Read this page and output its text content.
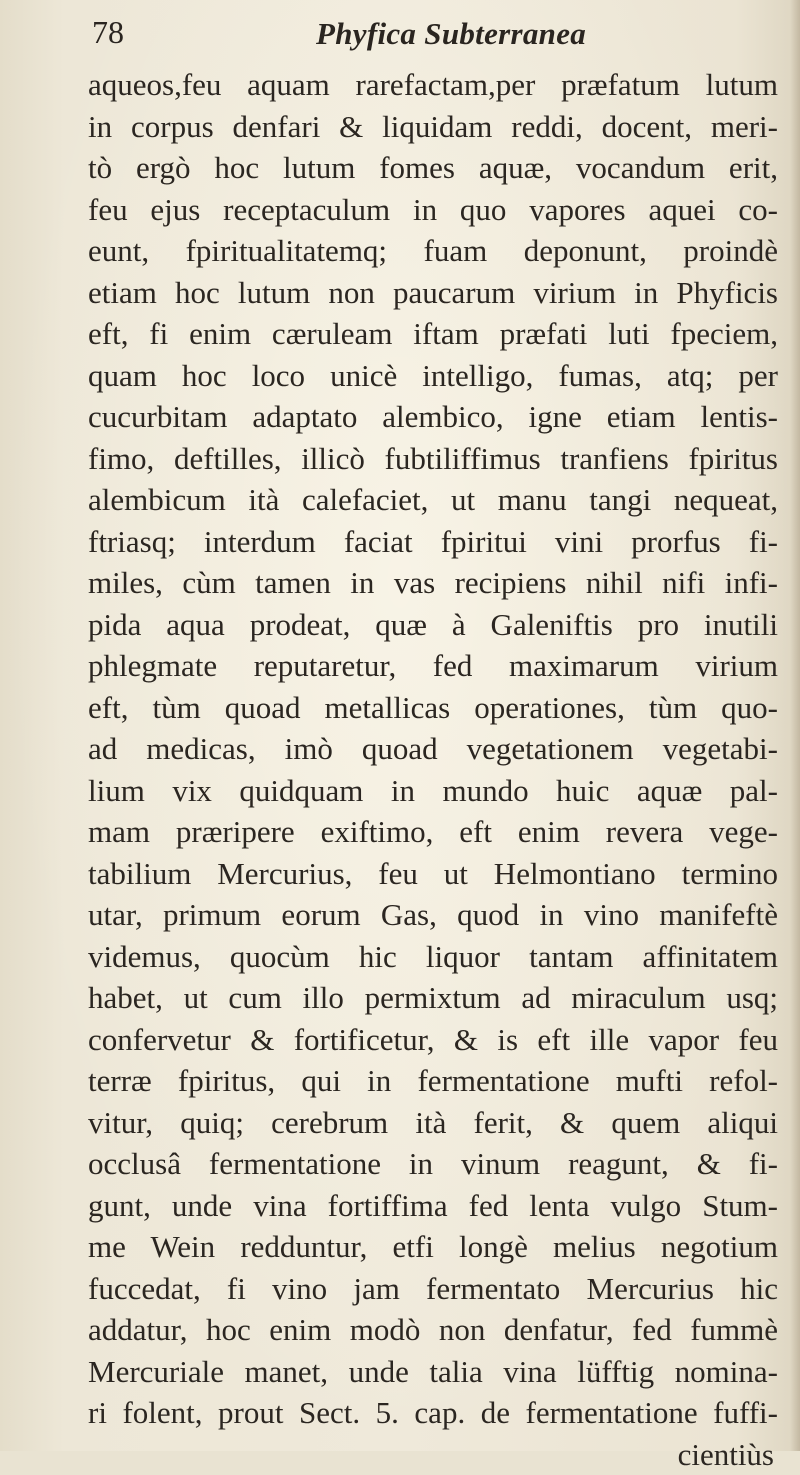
78	Phyfica Subterranea
aqueos,feu aquam rarefactam,per præfatum lutum
in corpus denfari & liquidam reddi, docent, meri-
tò ergò hoc lutum fomes aquæ, vocandum erit,
feu ejus receptaculum in quo vapores aquei co-
eunt, fpiritualitatemq; fuam deponunt, proindè
etiam hoc lutum non paucarum virium in Phyficis
eft, fi enim cæruleam iftam præfati luti fpeciem,
quam hoc loco unicè intelligo, fumas, atq; per
cucurbitam adaptato alembico, igne etiam lentis-
fimo, deftilles, illicò fubtiliffimus tranfiens fpiritus
alembicum ità calefaciet, ut manu tangi nequeat,
ftriasq; interdum faciat fpiritui vini prorfus fi-
miles, cùm tamen in vas recipiens nihil nifi infi-
pida aqua prodeat, quæ à Galeniftis pro inutili
phlegmate reputaretur, fed maximarum virium
eft, tùm quoad metallicas operationes, tùm quo-
ad medicas, imò quoad vegetationem vegetabi-
lium vix quidquam in mundo huic aquæ pal-
mam præripere exiftimo, eft enim revera vege-
tabilium Mercurius, feu ut Helmontiano termino
utar, primum eorum Gas, quod in vino manifeftè
videmus, quocùm hic liquor tantam affinitatem
habet, ut cum illo permixtum ad miraculum usq;
confervetur & fortificetur, & is eft ille vapor feu
terræ fpiritus, qui in fermentatione mufti refol-
vitur, quiq; cerebrum ità ferit, & quem aliqui
occlusâ fermentatione in vinum reagunt, & fi-
gunt, unde vina fortiffima fed lenta vulgo Stum-
me Wein redduntur, etfi longè melius negotium
fuccedat, fi vino jam fermentato Mercurius hic
addatur, hoc enim modò non denfatur, fed fummè
Mercuriale manet, unde talia vina lüfftig nomina-
ri folent, prout Sect. 5. cap. de fermentatione fuffi-
cientiùs
